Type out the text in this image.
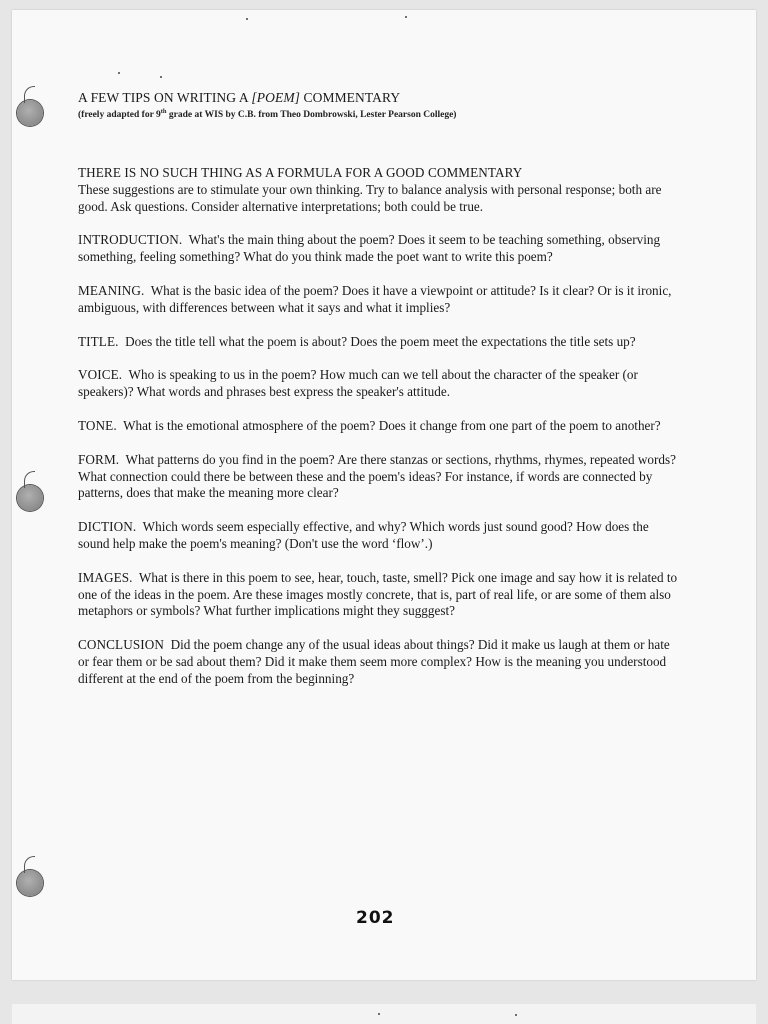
A FEW TIPS ON WRITING A [POEM] COMMENTARY
(freely adapted for 9th grade at WIS by C.B. from Theo Dombrowski, Lester Pearson College)

THERE IS NO SUCH THING AS A FORMULA FOR A GOOD COMMENTARY
These suggestions are to stimulate your own thinking. Try to balance analysis with personal response; both are good. Ask questions. Consider alternative interpretations; both could be true.

INTRODUCTION. What's the main thing about the poem? Does it seem to be teaching something, observing something, feeling something? What do you think made the poet want to write this poem?

MEANING. What is the basic idea of the poem? Does it have a viewpoint or attitude? Is it clear? Or is it ironic, ambiguous, with differences between what it says and what it implies?

TITLE. Does the title tell what the poem is about? Does the poem meet the expectations the title sets up?

VOICE. Who is speaking to us in the poem? How much can we tell about the character of the speaker (or speakers)? What words and phrases best express the speaker's attitude.

TONE. What is the emotional atmosphere of the poem? Does it change from one part of the poem to another?

FORM. What patterns do you find in the poem? Are there stanzas or sections, rhythms, rhymes, repeated words? What connection could there be between these and the poem's ideas? For instance, if words are connected by patterns, does that make the meaning more clear?

DICTION. Which words seem especially effective, and why? Which words just sound good? How does the sound help make the poem's meaning? (Don't use the word ‘flow’.)

IMAGES. What is there in this poem to see, hear, touch, taste, smell? Pick one image and say how it is related to one of the ideas in the poem. Are these images mostly concrete, that is, part of real life, or are some of them also metaphors or symbols? What further implications might they sugggest?

CONCLUSION Did the poem change any of the usual ideas about things? Did it make us laugh at them or hate or fear them or be sad about them? Did it make them seem more complex? How is the meaning you understood different at the end of the poem from the beginning?

202
